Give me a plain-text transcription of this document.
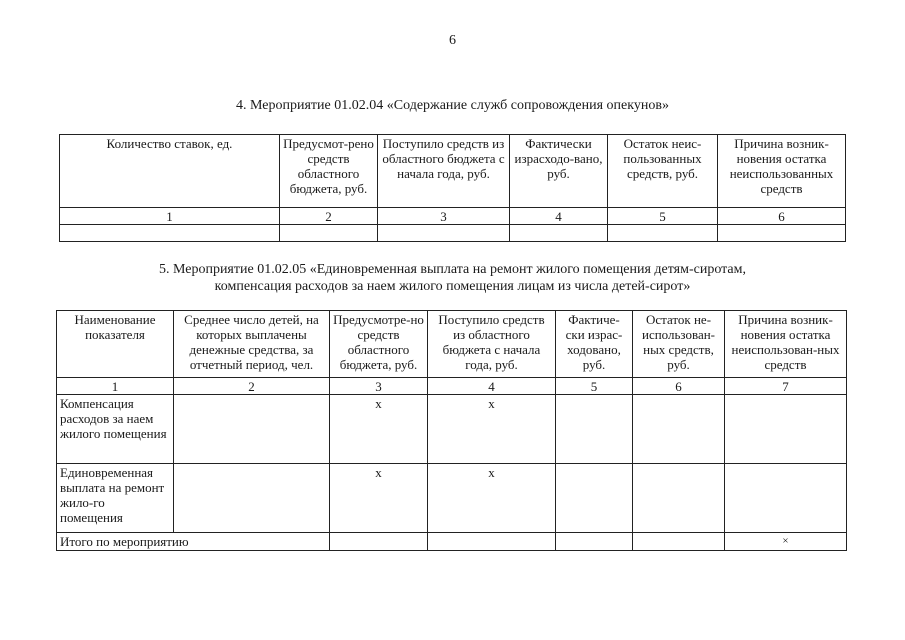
6
4. Мероприятие 01.02.04 «Содержание служб сопровождения опекунов»
Количество ставок, ед.	Предусмот-рено средств областного бюджета, руб.	Поступило средств из областного бюджета с начала года, руб.	Фактически израсходо-вано, руб.	Остаток неис-пользованных средств, руб.	Причина возник-новения остатка неиспользованных средств
1	2	3	4	5	6

5. Мероприятие 01.02.05 «Единовременная выплата на ремонт жилого помещения детям-сиротам,
компенсация расходов за наем жилого помещения лицам из числа детей-сирот»
Наименование показателя	Среднее число детей, на которых выплачены денежные средства, за отчетный период, чел.	Предусмотре-но средств областного бюджета, руб.	Поступило средств из областного бюджета с начала года, руб.	Фактиче-ски израс-ходовано, руб.	Остаток не-использован-ных средств, руб.	Причина возник-новения остатка неиспользован-ных средств
1	2	3	4	5	6	7
Компенсация расходов за наем жилого помещения		х	х			
Единовременная выплата на ремонт жило-го помещения		х	х			
Итого по мероприятию						×
